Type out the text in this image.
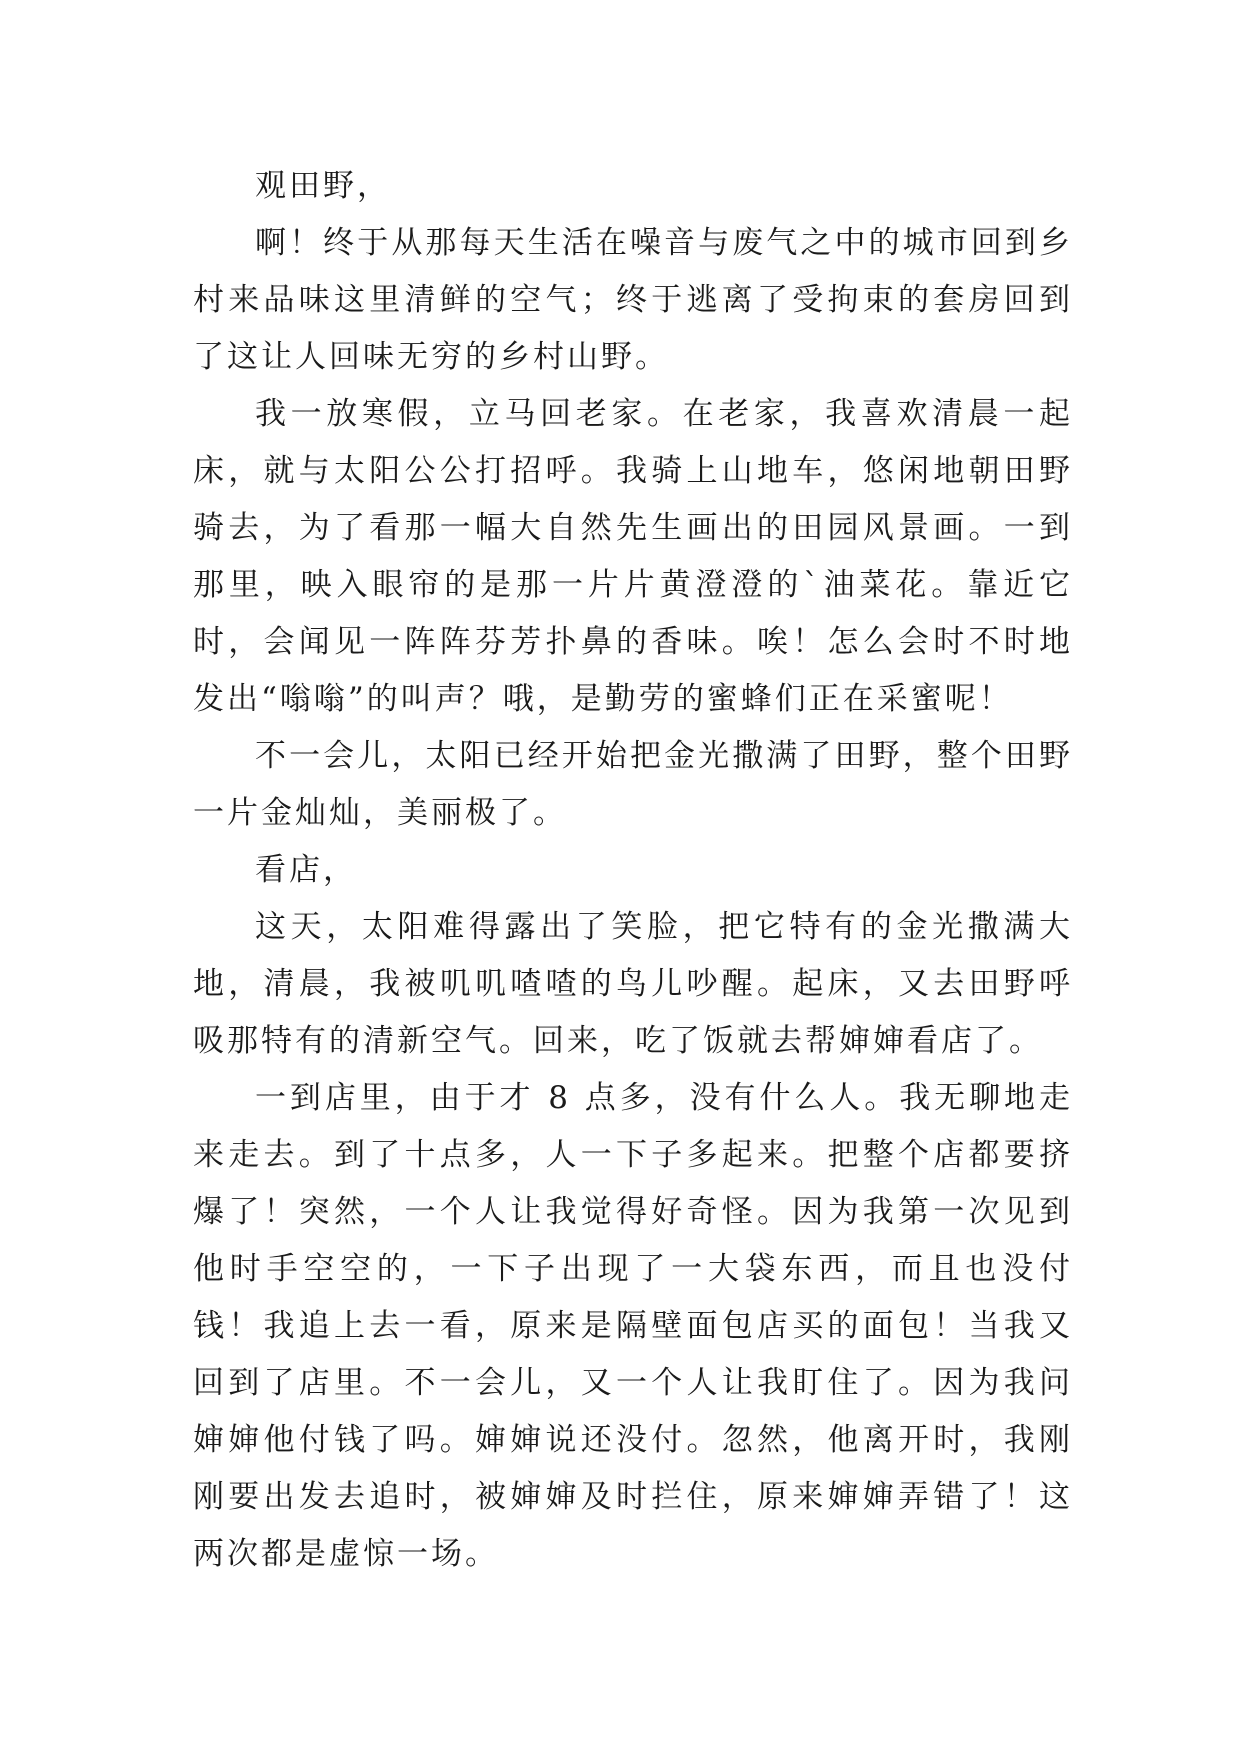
观田野，

啊！终于从那每天生活在噪音与废气之中的城市回到乡村来品味这里清鲜的空气；终于逃离了受拘束的套房回到了这让人回味无穷的乡村山野。

我一放寒假，立马回老家。在老家，我喜欢清晨一起床，就与太阳公公打招呼。我骑上山地车，悠闲地朝田野骑去，为了看那一幅大自然先生画出的田园风景画。一到那里，映入眼帘的是那一片片黄澄澄的`油菜花。靠近它时，会闻见一阵阵芬芳扑鼻的香味。唉！怎么会时不时地发出“嗡嗡”的叫声？哦，是勤劳的蜜蜂们正在采蜜呢！

不一会儿，太阳已经开始把金光撒满了田野，整个田野一片金灿灿，美丽极了。

看店，

这天，太阳难得露出了笑脸，把它特有的金光撒满大地，清晨，我被叽叽喳喳的鸟儿吵醒。起床，又去田野呼吸那特有的清新空气。回来，吃了饭就去帮婶婶看店了。

一到店里，由于才 8 点多，没有什么人。我无聊地走来走去。到了十点多，人一下子多起来。把整个店都要挤爆了！突然，一个人让我觉得好奇怪。因为我第一次见到他时手空空的，一下子出现了一大袋东西，而且也没付钱！我追上去一看，原来是隔壁面包店买的面包！当我又回到了店里。不一会儿，又一个人让我盯住了。因为我问婶婶他付钱了吗。婶婶说还没付。忽然，他离开时，我刚刚要出发去追时，被婶婶及时拦住，原来婶婶弄错了！这两次都是虚惊一场。
